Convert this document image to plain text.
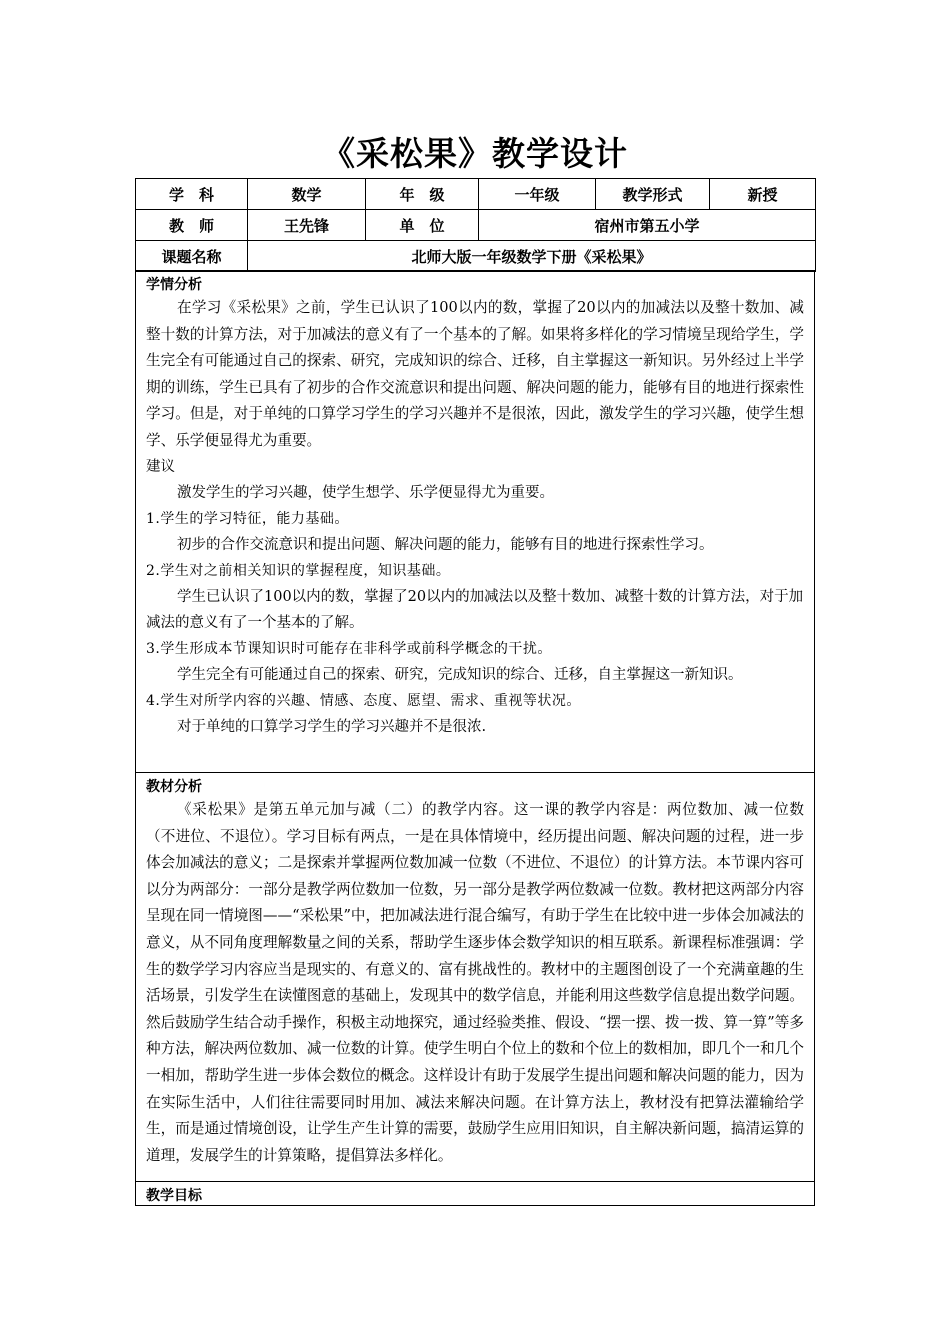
《采松果》教学设计
学　科	数学	年　级	一年级	教学形式	新授
教　师	王先锋	单　位	宿州市第五小学		
课题名称	北师大版一年级数学下册《采松果》				
学情分析
在学习《采松果》之前，学生已认识了100以内的数，掌握了20以内的加减法以及整十数加、减整十数的计算方法，对于加减法的意义有了一个基本的了解。如果将多样化的学习情境呈现给学生，学生完全有可能通过自己的探索、研究，完成知识的综合、迁移，自主掌握这一新知识。另外经过上半学期的训练，学生已具有了初步的合作交流意识和提出问题、解决问题的能力，能够有目的地进行探索性学习。但是，对于单纯的口算学习学生的学习兴趣并不是很浓，因此，激发学生的学习兴趣，使学生想学、乐学便显得尤为重要。
建议
激发学生的学习兴趣，使学生想学、乐学便显得尤为重要。
1.学生的学习特征，能力基础。
初步的合作交流意识和提出问题、解决问题的能力，能够有目的地进行探索性学习。
2.学生对之前相关知识的掌握程度，知识基础。
学生已认识了100以内的数，掌握了20以内的加减法以及整十数加、减整十数的计算方法，对于加减法的意义有了一个基本的了解。
3.学生形成本节课知识时可能存在非科学或前科学概念的干扰。
学生完全有可能通过自己的探索、研究，完成知识的综合、迁移，自主掌握这一新知识。
4.学生对所学内容的兴趣、情感、态度、愿望、需求、重视等状况。
对于单纯的口算学习学生的学习兴趣并不是很浓.
教材分析
《采松果》是第五单元加与减（二）的教学内容。这一课的教学内容是：两位数加、减一位数（不进位、不退位）。学习目标有两点，一是在具体情境中，经历提出问题、解决问题的过程，进一步体会加减法的意义；二是探索并掌握两位数加减一位数（不进位、不退位）的计算方法。本节课内容可以分为两部分：一部分是教学两位数加一位数，另一部分是教学两位数减一位数。教材把这两部分内容呈现在同一情境图——“采松果”中，把加减法进行混合编写，有助于学生在比较中进一步体会加减法的意义，从不同角度理解数量之间的关系，帮助学生逐步体会数学知识的相互联系。新课程标准强调：学生的数学学习内容应当是现实的、有意义的、富有挑战性的。教材中的主题图创设了一个充满童趣的生活场景，引发学生在读懂图意的基础上，发现其中的数学信息，并能利用这些数学信息提出数学问题。然后鼓励学生结合动手操作，积极主动地探究，通过经验类推、假设、“摆一摆、拨一拨、算一算”等多种方法，解决两位数加、减一位数的计算。使学生明白个位上的数和个位上的数相加，即几个一和几个一相加，帮助学生进一步体会数位的概念。这样设计有助于发展学生提出问题和解决问题的能力，因为在实际生活中，人们往往需要同时用加、减法来解决问题。在计算方法上，教材没有把算法灌输给学生，而是通过情境创设，让学生产生计算的需要，鼓励学生应用旧知识，自主解决新问题，搞清运算的道理，发展学生的计算策略，提倡算法多样化。
教学目标
